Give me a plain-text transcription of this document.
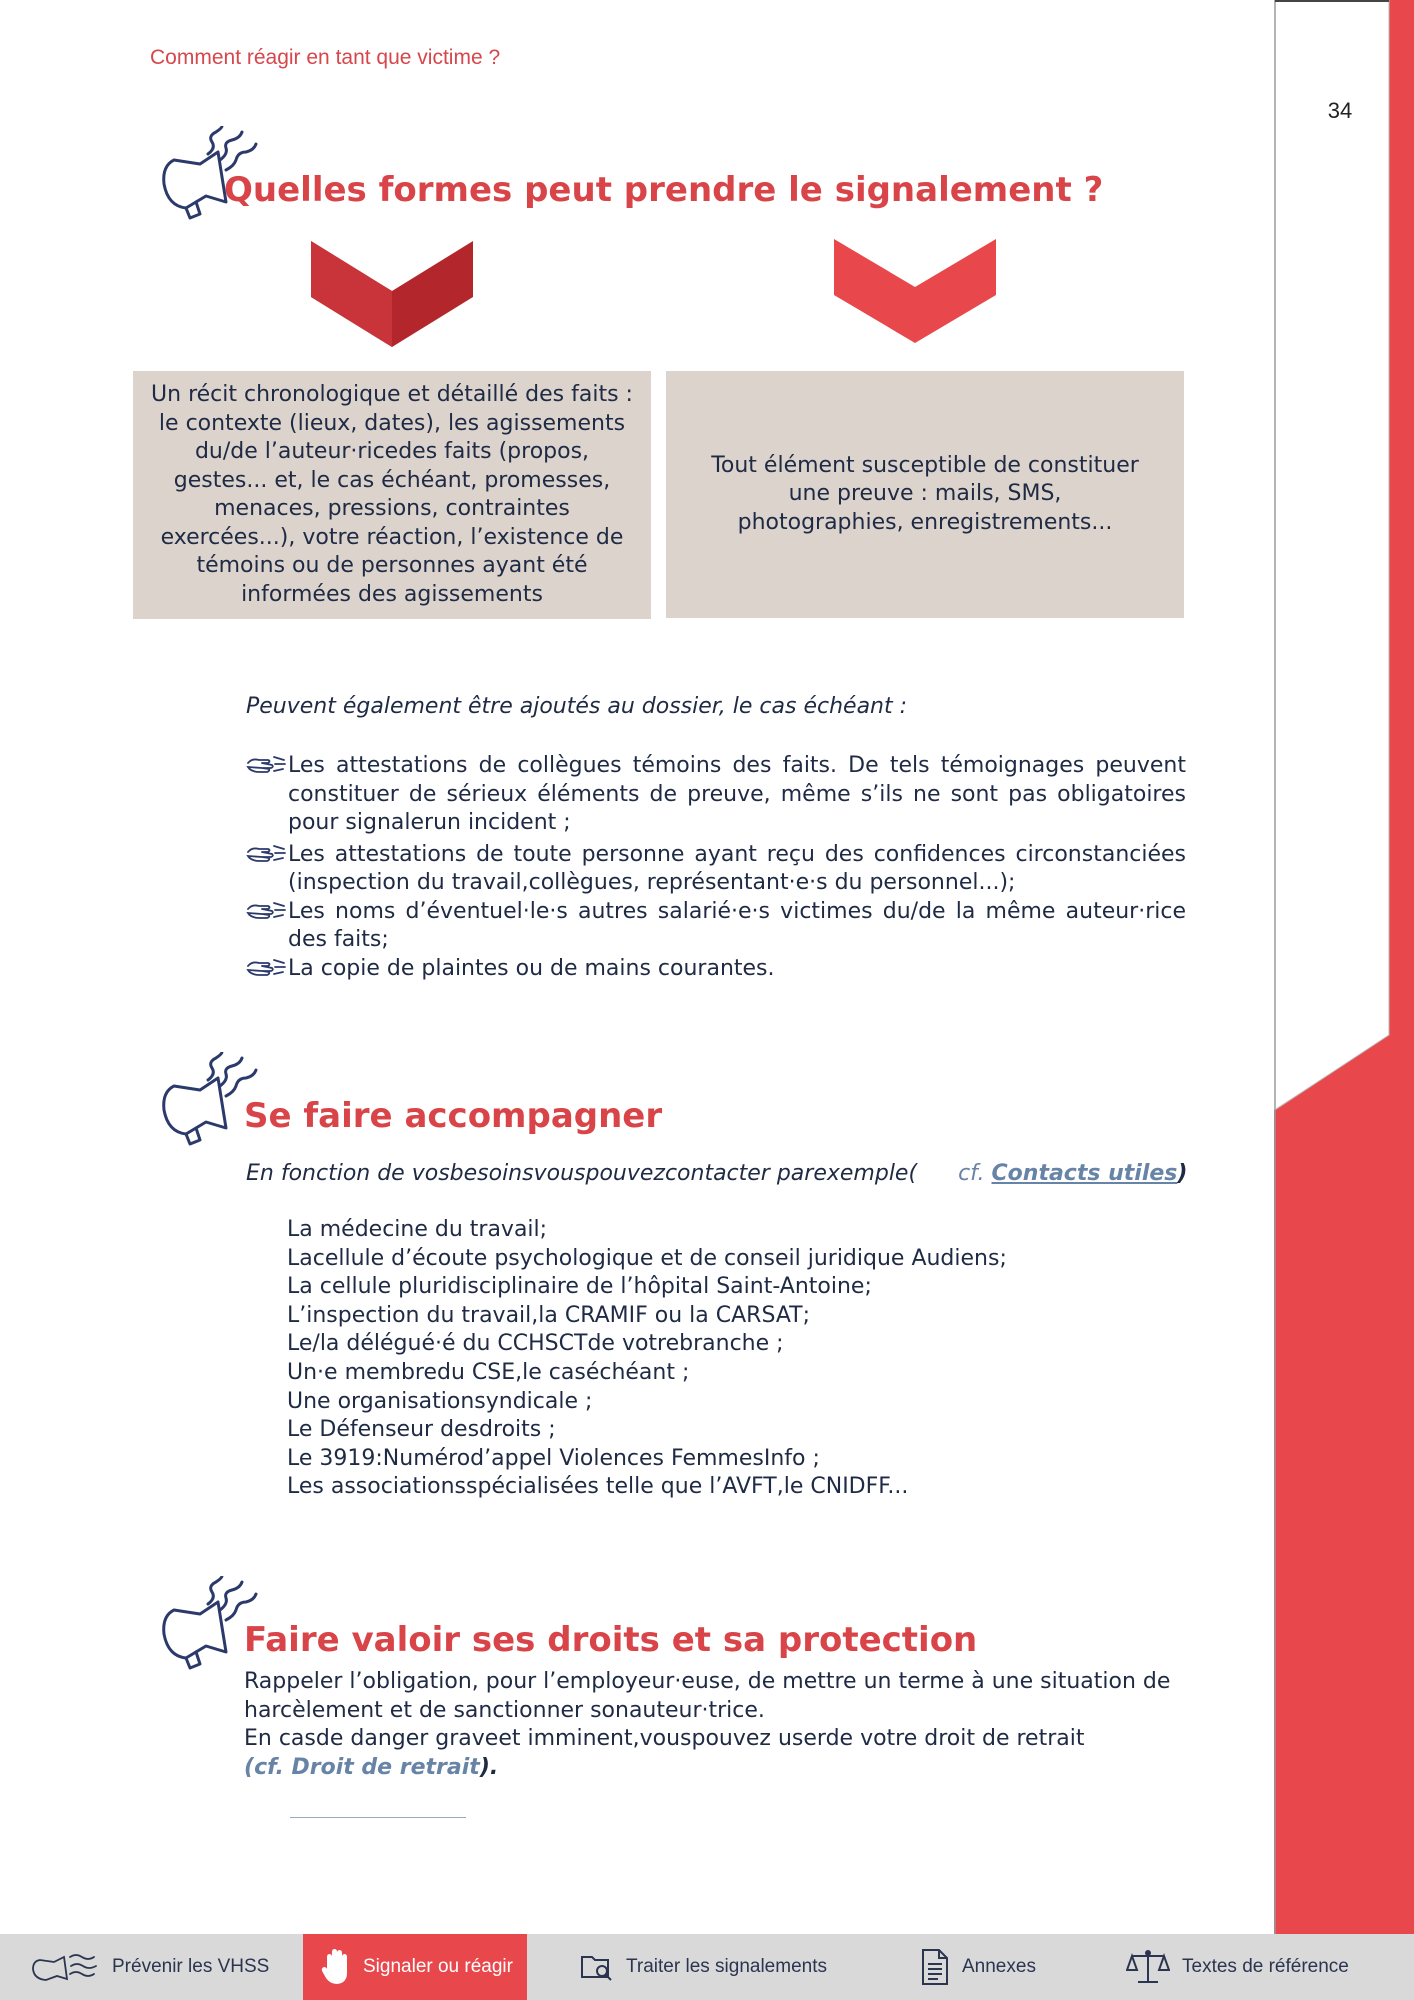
Comment réagir en tant que victime ?
34
Quelles formes peut prendre le signalement ?
Un récit chronologique et détaillé des faits : le contexte (lieux, dates), les agissements du/de l’auteur·ricedes faits (propos, gestes... et, le cas échéant, promesses, menaces, pressions, contraintes exercées...), votre réaction, l’existence de témoins ou de personnes ayant été informées des agissements
Tout élément susceptible de constituer une preuve : mails, SMS, photographies, enregistrements...
Peuvent également être ajoutés au dossier, le cas échéant :
Les attestations de collègues témoins des faits. De tels témoignages peuvent constituer de sérieux éléments de preuve, même s’ils ne sont pas obligatoires pour signalerun incident ;
Les attestations de toute personne ayant reçu des confidences circonstanciées (inspection du travail,collègues, représentant·e·s du personnel...);
Les noms d’éventuel·le·s autres salarié·e·s victimes du/de la même auteur·rice des faits;
La copie de plaintes ou de mains courantes.
Se faire accompagner
En fonction de vosbesoinsvouspouvezcontacter parexemple( cf. Contacts utiles)
La médecine du travail;
Lacellule d’écoute psychologique et de conseil juridique Audiens;
La cellule pluridisciplinaire de l’hôpital Saint-Antoine;
L’inspection du travail,la CRAMIF ou la CARSAT;
Le/la délégué·é du CCHSCTde votrebranche ;
Un·e membredu CSE,le caséchéant ;
Une organisationsyndicale ;
Le Défenseur desdroits ;
Le 3919:Numérod’appel Violences FemmesInfo ;
Les associationsspécialisées telle que l’AVFT,le CNIDFF...
Faire valoir ses droits et sa protection
Rappeler l’obligation, pour l’employeur·euse, de mettre un terme à une situation de harcèlement et de sanctionner sonauteur·trice.
En casde danger graveet imminent,vouspouvez userde votre droit de retrait
(cf. Droit de retrait).
Prévenir les VHSS	Signaler ou réagir	Traiter les signalements	Annexes	Textes de référence
